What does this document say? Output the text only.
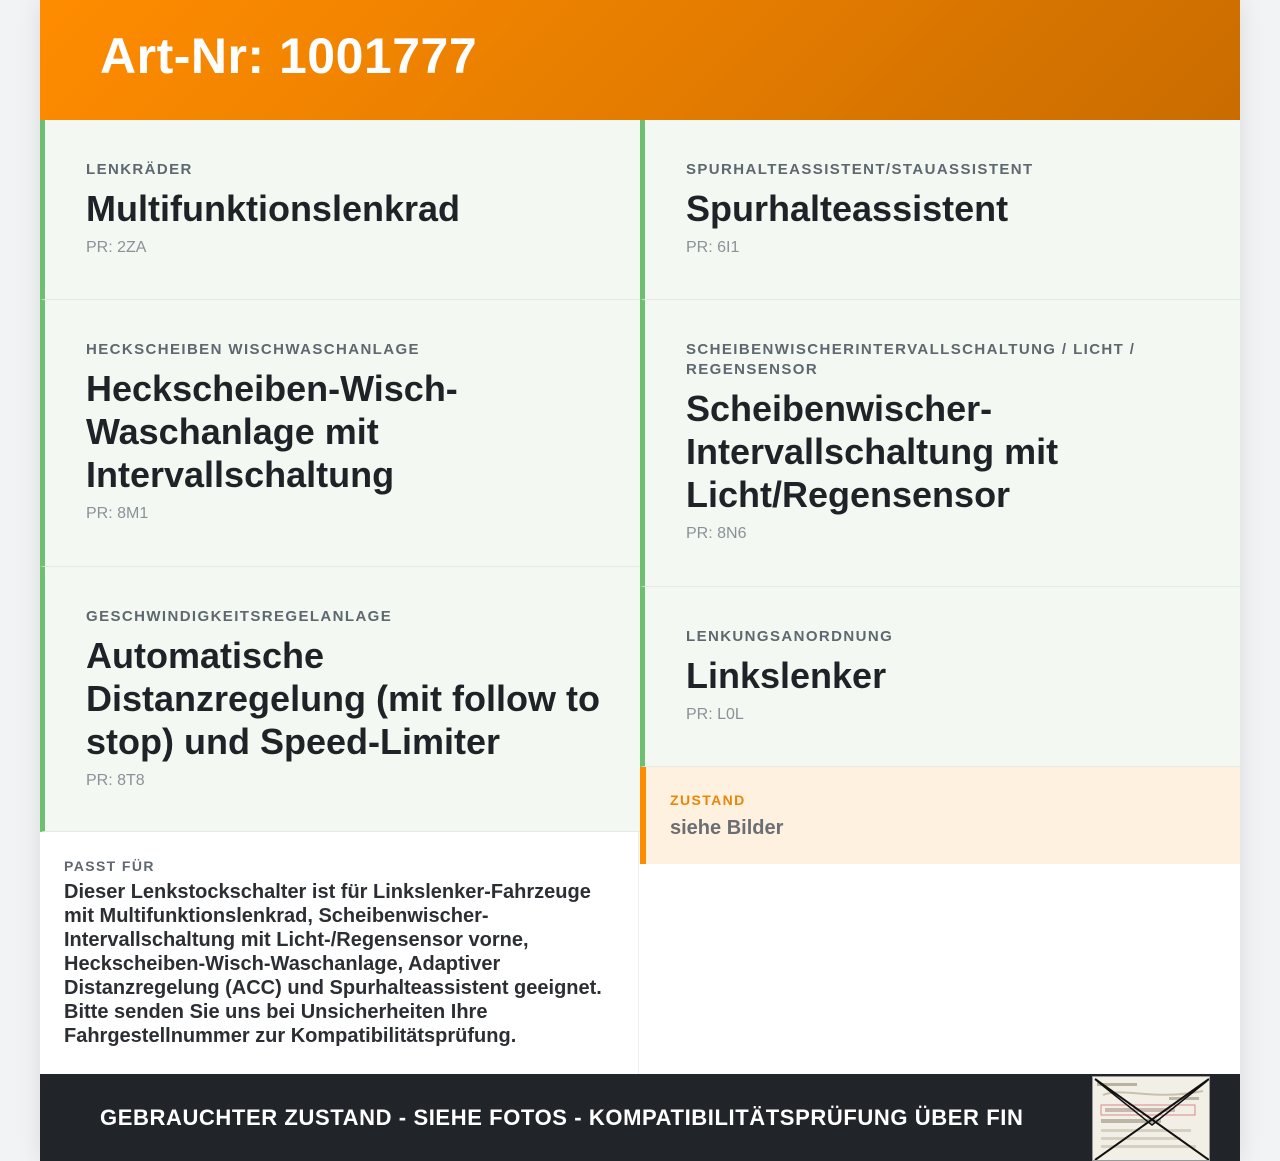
Art-Nr: 1001777
LENKRÄDER
Multifunktionslenkrad
PR: 2ZA
HECKSCHEIBEN WISCHWASCHANLAGE
Heckscheiben-Wisch-Waschanlage mit Intervallschaltung
PR: 8M1
GESCHWINDIGKEITSREGELANLAGE
Automatische Distanzregelung (mit follow to stop) und Speed-Limiter
PR: 8T8
SPURHALTEASSISTENT/STAUASSISTENT
Spurhalteassistent
PR: 6I1
SCHEIBENWISCHERINTERVALLSCHALTUNG / LICHT / REGENSENSOR
Scheibenwischer-Intervallschaltung mit Licht/Regensensor
PR: 8N6
LENKUNGSANORDNUNG
Linkslenker
PR: L0L
PASST FÜR
Dieser Lenkstockschalter ist für Linkslenker-Fahrzeuge mit Multifunktionslenkrad, Scheibenwischer-Intervallschaltung mit Licht-/Regensensor vorne, Heckscheiben-Wisch-Waschanlage, Adaptiver Distanzregelung (ACC) und Spurhalteassistent geeignet. Bitte senden Sie uns bei Unsicherheiten Ihre Fahrgestellnummer zur Kompatibilitätsprüfung.
ZUSTAND
siehe Bilder
GEBRAUCHTER ZUSTAND - SIEHE FOTOS - KOMPATIBILITÄTSPRÜFUNG ÜBER FIN
